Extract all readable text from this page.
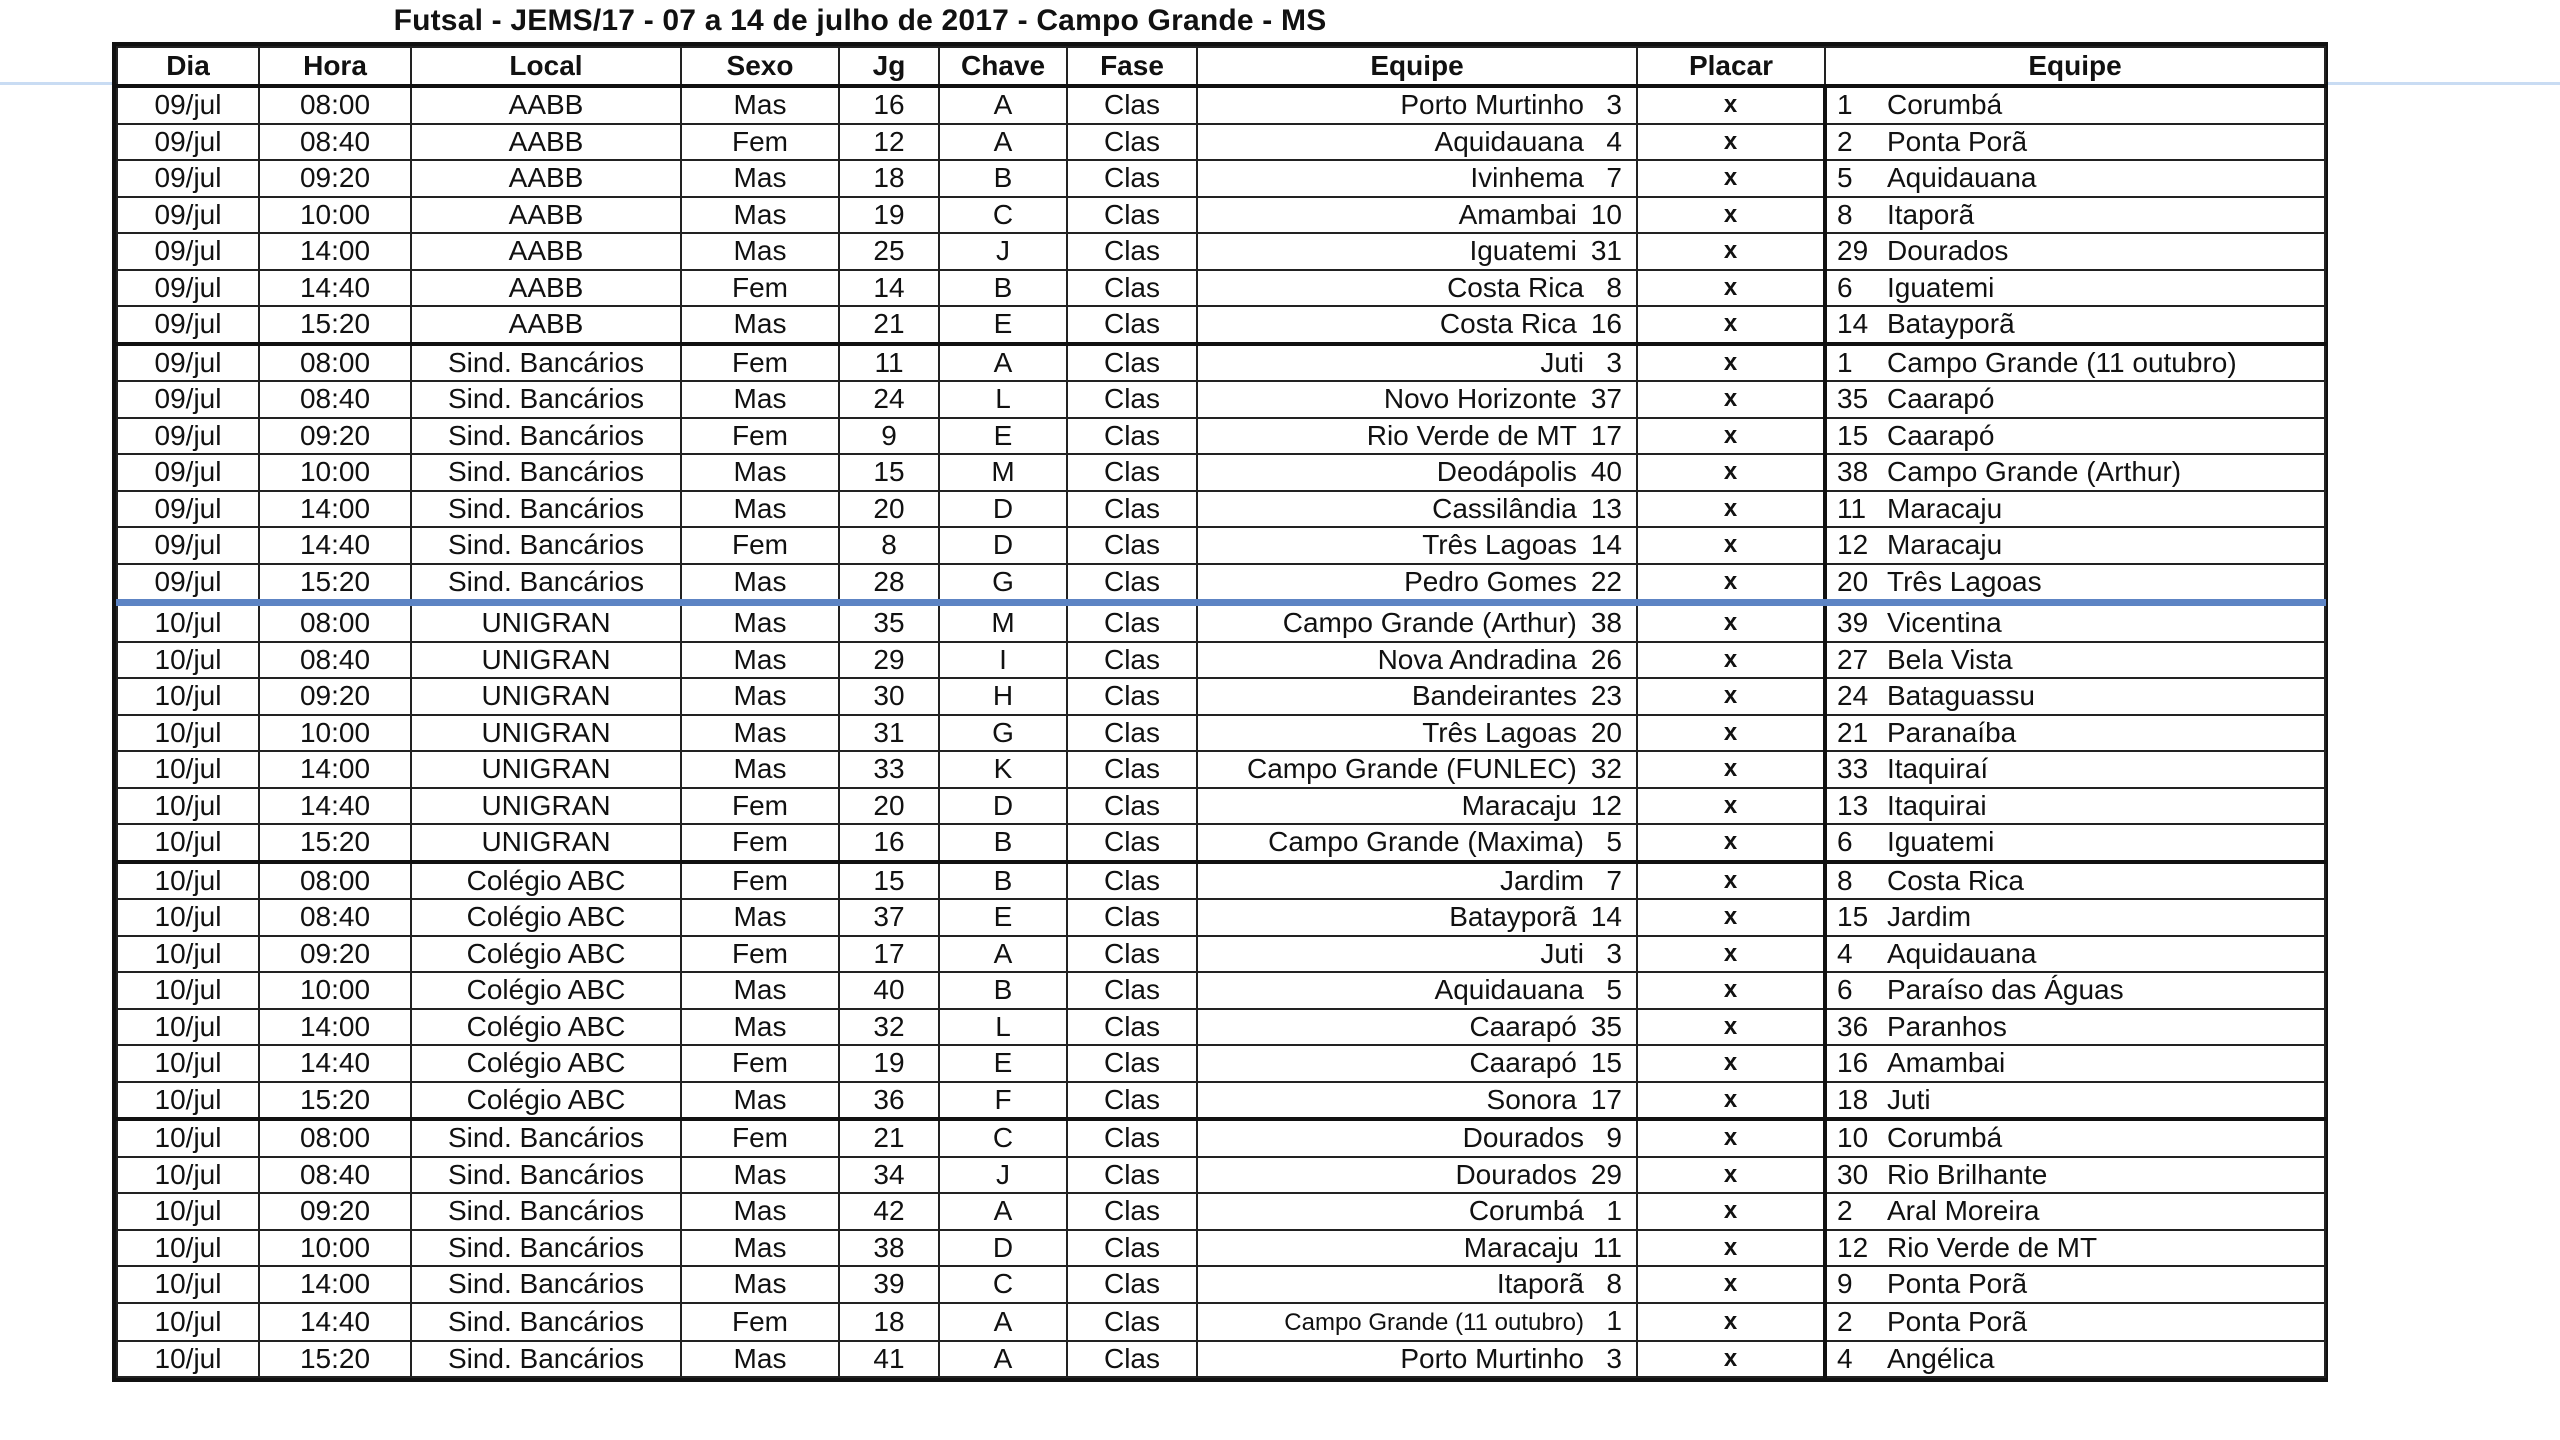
Futsal - JEMS/17 - 07 a 14 de julho de 2017 - Campo Grande - MS
Dia	Hora	Local	Sexo	Jg	Chave	Fase	Equipe	Placar	Equipe
09/jul	08:00	AABB	Mas	16	A	Clas	Porto Murtinho 3	x	1 Corumbá
09/jul	08:40	AABB	Fem	12	A	Clas	Aquidauana 4	x	2 Ponta Porã
09/jul	09:20	AABB	Mas	18	B	Clas	Ivinhema 7	x	5 Aquidauana
09/jul	10:00	AABB	Mas	19	C	Clas	Amambai 10	x	8 Itaporã
09/jul	14:00	AABB	Mas	25	J	Clas	Iguatemi 31	x	29 Dourados
09/jul	14:40	AABB	Fem	14	B	Clas	Costa Rica 8	x	6 Iguatemi
09/jul	15:20	AABB	Mas	21	E	Clas	Costa Rica 16	x	14 Batayporã
09/jul	08:00	Sind. Bancários	Fem	11	A	Clas	Juti 3	x	1 Campo Grande (11 outubro)
09/jul	08:40	Sind. Bancários	Mas	24	L	Clas	Novo Horizonte 37	x	35 Caarapó
09/jul	09:20	Sind. Bancários	Fem	9	E	Clas	Rio Verde de MT 17	x	15 Caarapó
09/jul	10:00	Sind. Bancários	Mas	15	M	Clas	Deodápolis 40	x	38 Campo Grande (Arthur)
09/jul	14:00	Sind. Bancários	Mas	20	D	Clas	Cassilândia 13	x	11 Maracaju
09/jul	14:40	Sind. Bancários	Fem	8	D	Clas	Três Lagoas 14	x	12 Maracaju
09/jul	15:20	Sind. Bancários	Mas	28	G	Clas	Pedro Gomes 22	x	20 Três Lagoas
10/jul	08:00	UNIGRAN	Mas	35	M	Clas	Campo Grande (Arthur) 38	x	39 Vicentina
10/jul	08:40	UNIGRAN	Mas	29	I	Clas	Nova Andradina 26	x	27 Bela Vista
10/jul	09:20	UNIGRAN	Mas	30	H	Clas	Bandeirantes 23	x	24 Bataguassu
10/jul	10:00	UNIGRAN	Mas	31	G	Clas	Três Lagoas 20	x	21 Paranaíba
10/jul	14:00	UNIGRAN	Mas	33	K	Clas	Campo Grande (FUNLEC) 32	x	33 Itaquiraí
10/jul	14:40	UNIGRAN	Fem	20	D	Clas	Maracaju 12	x	13 Itaquirai
10/jul	15:20	UNIGRAN	Fem	16	B	Clas	Campo Grande (Maxima) 5	x	6 Iguatemi
10/jul	08:00	Colégio ABC	Fem	15	B	Clas	Jardim 7	x	8 Costa Rica
10/jul	08:40	Colégio ABC	Mas	37	E	Clas	Batayporã 14	x	15 Jardim
10/jul	09:20	Colégio ABC	Fem	17	A	Clas	Juti 3	x	4 Aquidauana
10/jul	10:00	Colégio ABC	Mas	40	B	Clas	Aquidauana 5	x	6 Paraíso das Águas
10/jul	14:00	Colégio ABC	Mas	32	L	Clas	Caarapó 35	x	36 Paranhos
10/jul	14:40	Colégio ABC	Fem	19	E	Clas	Caarapó 15	x	16 Amambai
10/jul	15:20	Colégio ABC	Mas	36	F	Clas	Sonora 17	x	18 Juti
10/jul	08:00	Sind. Bancários	Fem	21	C	Clas	Dourados 9	x	10 Corumbá
10/jul	08:40	Sind. Bancários	Mas	34	J	Clas	Dourados 29	x	30 Rio Brilhante
10/jul	09:20	Sind. Bancários	Mas	42	A	Clas	Corumbá 1	x	2 Aral Moreira
10/jul	10:00	Sind. Bancários	Mas	38	D	Clas	Maracaju 11	x	12 Rio Verde de MT
10/jul	14:00	Sind. Bancários	Mas	39	C	Clas	Itaporã 8	x	9 Ponta Porã
10/jul	14:40	Sind. Bancários	Fem	18	A	Clas	Campo Grande (11 outubro) 1	x	2 Ponta Porã
10/jul	15:20	Sind. Bancários	Mas	41	A	Clas	Porto Murtinho 3	x	4 Angélica
